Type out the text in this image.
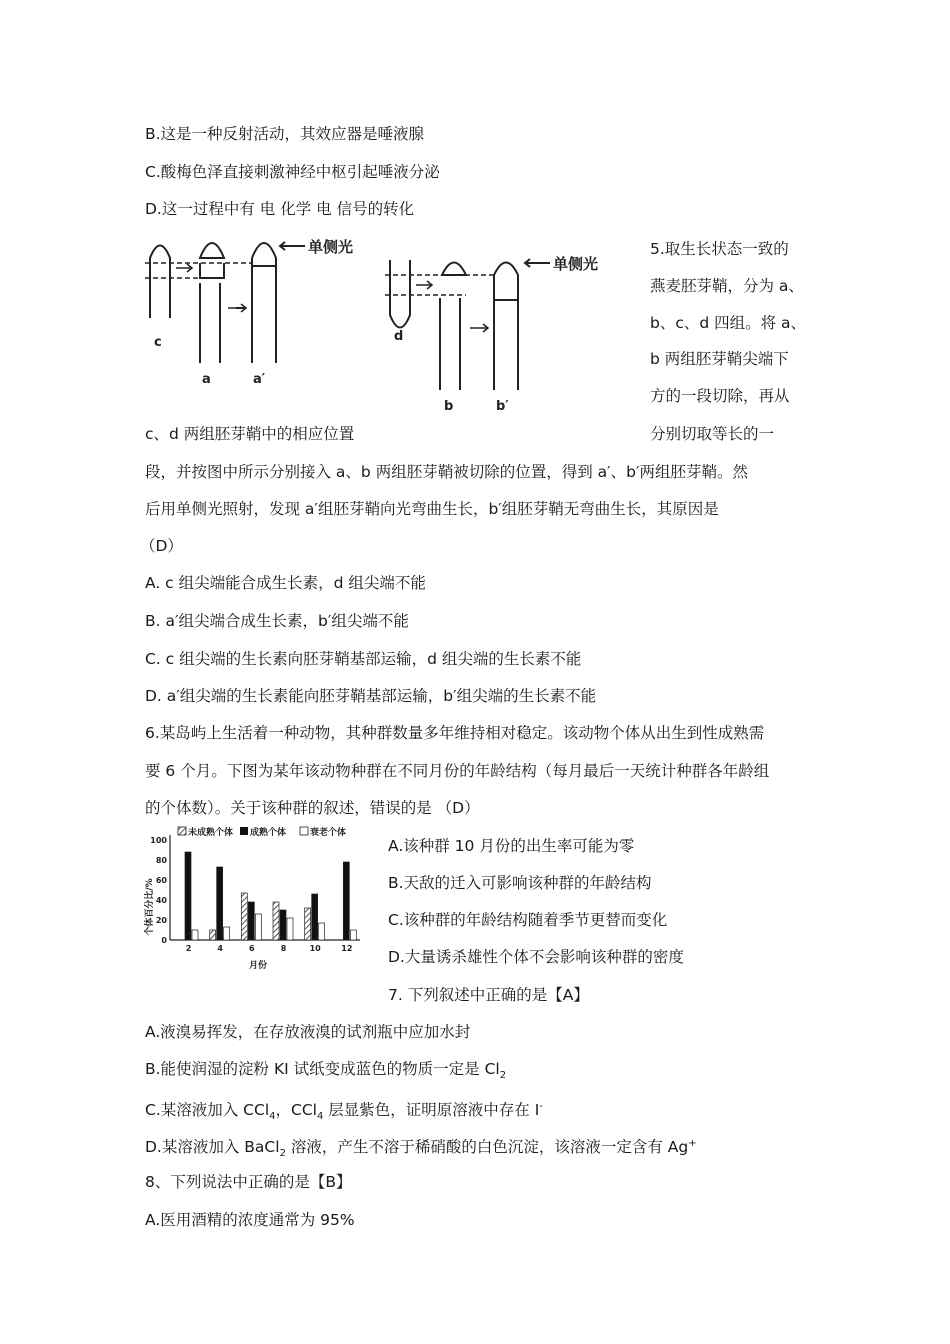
B.这是一种反射活动，其效应器是唾液腺
C.酸梅色泽直接刺激神经中枢引起唾液分泌
D.这一过程中有 电 化学 电 信号的转化
单侧光
c
a	a′
单侧光
d
b	b′
5.取生长状态一致的
燕麦胚芽鞘，分为 a、
b、c、d 四组。将 a、
b 两组胚芽鞘尖端下
方的一段切除，再从
c、d 两组胚芽鞘中的相应位置	分别切取等长的一
段，并按图中所示分别接入 a、b 两组胚芽鞘被切除的位置，得到 a′、b′两组胚芽鞘。然
后用单侧光照射，发现 a′组胚芽鞘向光弯曲生长，b′组胚芽鞘无弯曲生长，其原因是
（D）
A. c 组尖端能合成生长素，d 组尖端不能
B. a′组尖端合成生长素，b′组尖端不能
C. c 组尖端的生长素向胚芽鞘基部运输，d 组尖端的生长素不能
D. a′组尖端的生长素能向胚芽鞘基部运输，b′组尖端的生长素不能
6.某岛屿上生活着一种动物，其种群数量多年维持相对稳定。该动物个体从出生到性成熟需
要 6 个月。下图为某年该动物种群在不同月份的年龄结构（每月最后一天统计种群各年龄组
的个体数）。关于该种群的叙述，错误的是 （D）
未成熟个体 成熟个体	衰老个体
个体百分比/%
0
20
40
60
80
100
2	4	6	8	10	12
月份
A.该种群 10 月份的出生率可能为零
B.天敌的迁入可影响该种群的年龄结构
C.该种群的年龄结构随着季节更替而变化
D.大量诱杀雄性个体不会影响该种群的密度
7. 下列叙述中正确的是【A】
A.液溴易挥发，在存放液溴的试剂瓶中应加水封
B.能使润湿的淀粉 KI 试纸变成蓝色的物质一定是 $Cl_2$
C.某溶液加入 CCl$_4$，CCl$_4$ 层显紫色，证明原溶液中存在 I-
D.某溶液加入 BaCl$_2$ 溶液，产生不溶于稀硝酸的白色沉淀，该溶液一定含有 Ag+
8、下列说法中正确的是【B】
A.医用酒精的浓度通常为 95%
